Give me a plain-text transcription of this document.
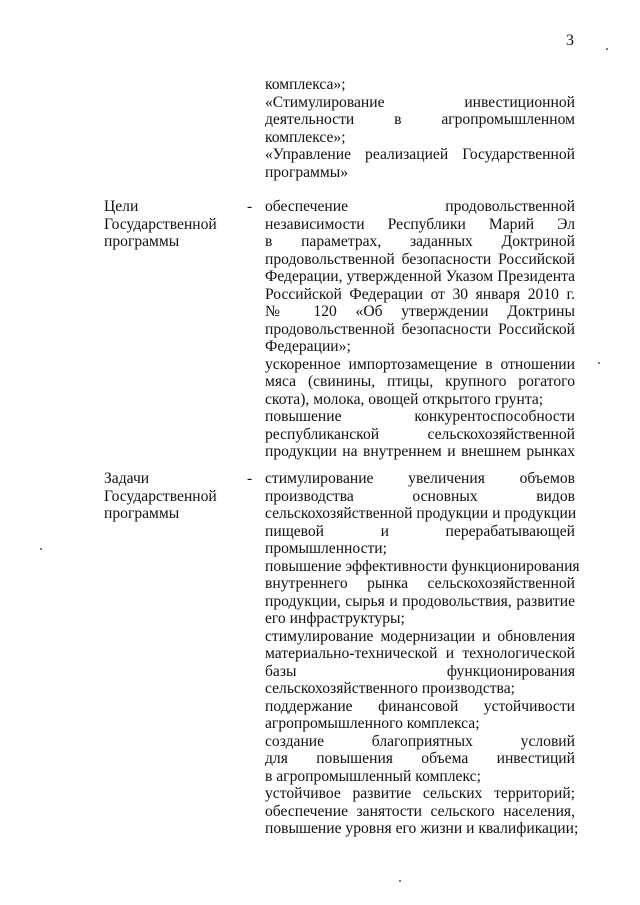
3
комплекса»;
«Стимулирование инвестиционной
деятельности в агропромышленном
комплексе»;
«Управление реализацией Государственной
программы»
Цели
Государственной
программы
- обеспечение продовольственной
независимости Республики Марий Эл
в параметрах, заданных Доктриной
продовольственной безопасности Российской
Федерации, утвержденной Указом Президента
Российской Федерации от 30 января 2010 г.
№ 120 «Об утверждении Доктрины
продовольственной безопасности Российской
Федерации»;
ускоренное импортозамещение в отношении
мяса (свинины, птицы, крупного рогатого
скота), молока, овощей открытого грунта;
повышение конкурентоспособности
республиканской сельскохозяйственной
продукции на внутреннем и внешнем рынках
Задачи
Государственной
программы
- стимулирование увеличения объемов
производства основных видов
сельскохозяйственной продукции и продукции
пищевой и перерабатывающей
промышленности;
повышение эффективности функционирования
внутреннего рынка сельскохозяйственной
продукции, сырья и продовольствия, развитие
его инфраструктуры;
стимулирование модернизации и обновления
материально-технической и технологической
базы функционирования
сельскохозяйственного производства;
поддержание финансовой устойчивости
агропромышленного комплекса;
создание благоприятных условий
для повышения объема инвестиций
в агропромышленный комплекс;
устойчивое развитие сельских территорий;
обеспечение занятости сельского населения,
повышение уровня его жизни и квалификации;
